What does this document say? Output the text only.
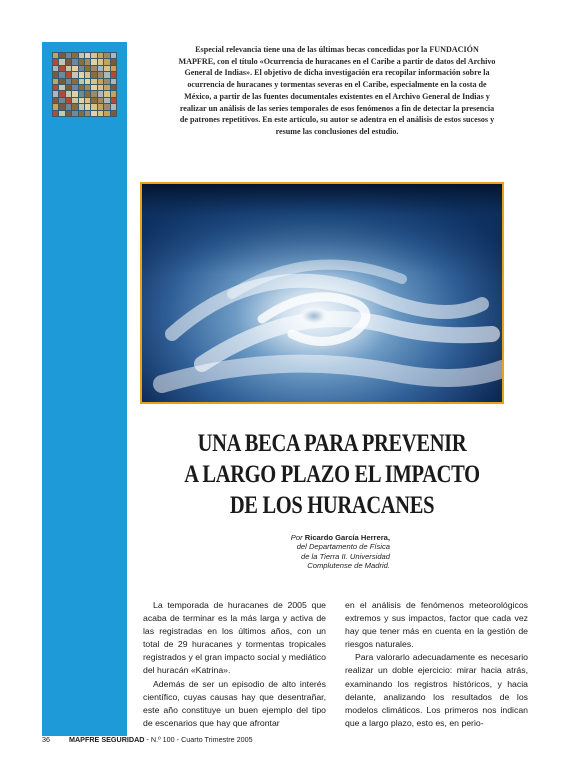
Especial relevancia tiene una de las últimas becas concedidas por la FUNDACIÓN MAPFRE, con el título «Ocurrencia de huracanes en el Caribe a partir de datos del Archivo General de Indias». El objetivo de dicha investigación era recopilar información sobre la ocurrencia de huracanes y tormentas severas en el Caribe, especialmente en la costa de México, a partir de las fuentes documentales existentes en el Archivo General de Indias y realizar un análisis de las series temporales de esos fenómenos a fin de detectar la presencia de patrones repetitivos. En este artículo, su autor se adentra en el análisis de estos sucesos y resume las conclusiones del estudio.
UNA BECA PARA PREVENIR
A LARGO PLAZO EL IMPACTO
DE LOS HURACANES
Por Ricardo García Herrera,
del Departamento de Física
de la Tierra II. Universidad
Complutense de Madrid.

La temporada de huracanes de 2005 que acaba de terminar es la más larga y activa de las registradas en los últimos años, con un total de 29 huracanes y tormentas tropicales registrados y el gran impacto social y mediático del huracán «Katrina».

Además de ser un episodio de alto interés científico, cuyas causas hay que desentrañar, este año constituye un buen ejemplo del tipo de escenarios que hay que afrontar

en el análisis de fenómenos meteorológicos extremos y sus impactos, factor que cada vez hay que tener más en cuenta en la gestión de riesgos naturales.

Para valorarlo adecuadamente es necesario realizar un doble ejercicio: mirar hacia atrás, examinando los registros históricos, y hacia delante, analizando los resultados de los modelos climáticos. Los primeros nos indican que a largo plazo, esto es, en perio-

36	MAPFRE SEGURIDAD - N.º 100 - Cuarto Trimestre 2005
